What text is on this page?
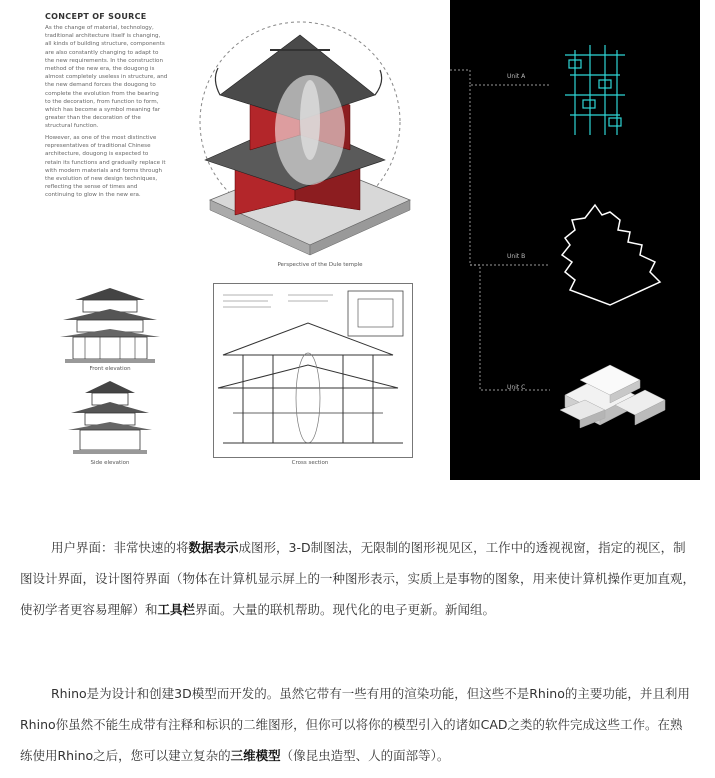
CONCEPT OF SOURCE
As the change of material, technology,
traditional architecture itself is changing,
all kinds of building structure, components
are also constantly changing to adapt to
the new requirements. In the construction
method of the new era, the dougong is
almost completely useless in structure, and
the new demand forces the dougong to
complete the evolution from the bearing
to the decoration, from function to form,
which has become a symbol meaning far
greater than the decoration of the
structural function.
However, as one of the most distinctive
representatives of traditional Chinese
architecture, dougong is expected to
retain its functions and gradually replace it
with modern materials and forms through
the evolution of new design techniques,
reflecting the sense of times and
continuing to glow in the new era.
Perspective of the Dule temple
Front elevation
Side elevation	Cross section
Unit A
Unit B
Unit C
用户界面：非常快速的将数据表示成图形，3-D制图法，无限制的图形视见区，工作中的透视视窗，指定的视区，制图设计界面，设计图符界面（物体在计算机显示屏上的一种图形表示，实质上是事物的图象，用来使计算机操作更加直观，使初学者更容易理解）和工具栏界面。大量的联机帮助。现代化的电子更新。新闻组。
Rhino是为设计和创建3D模型而开发的。虽然它带有一些有用的渲染功能，但这些不是Rhino的主要功能，并且利用Rhino你虽然不能生成带有注释和标识的二维图形，但你可以将你的模型引入的诸如CAD之类的软件完成这些工作。在熟练使用Rhino之后，您可以建立复杂的三维模型（像昆虫造型、人的面部等）。
